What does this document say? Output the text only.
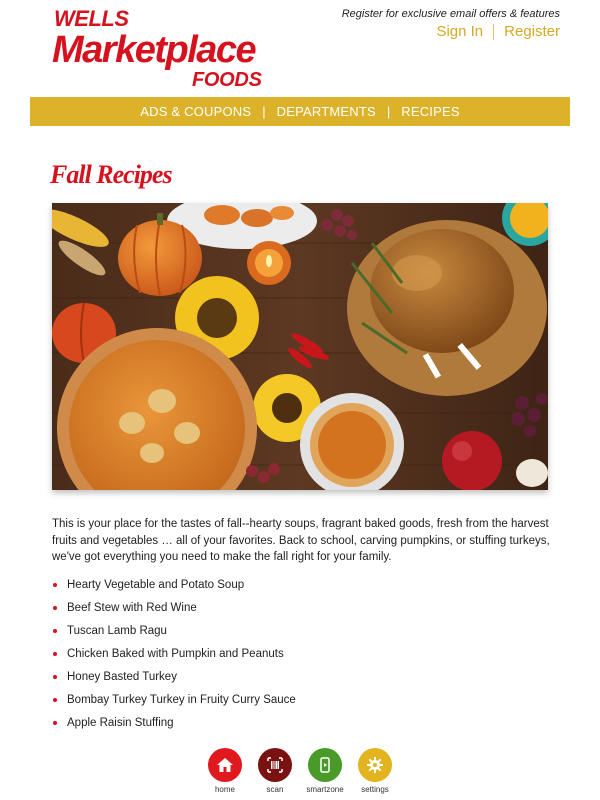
WELLS
Marketplace
FOODS
Register for exclusive email offers & features
Sign In Register
ADS & COUPONS | DEPARTMENTS | RECIPES
Fall Recipes

This is your place for the tastes of fall--hearty soups, fragrant baked goods, fresh from the harvest fruits and vegetables … all of your favorites. Back to school, carving pumpkins, or stuffing turkeys, we've got everything you need to make the fall right for your family.

Hearty Vegetable and Potato Soup
Beef Stew with Red Wine
Tuscan Lamb Ragu
Chicken Baked with Pumpkin and Peanuts
Honey Basted Turkey
Bombay Turkey Turkey in Fruity Curry Sauce
Apple Raisin Stuffing
home	scan	smartzone	settings
